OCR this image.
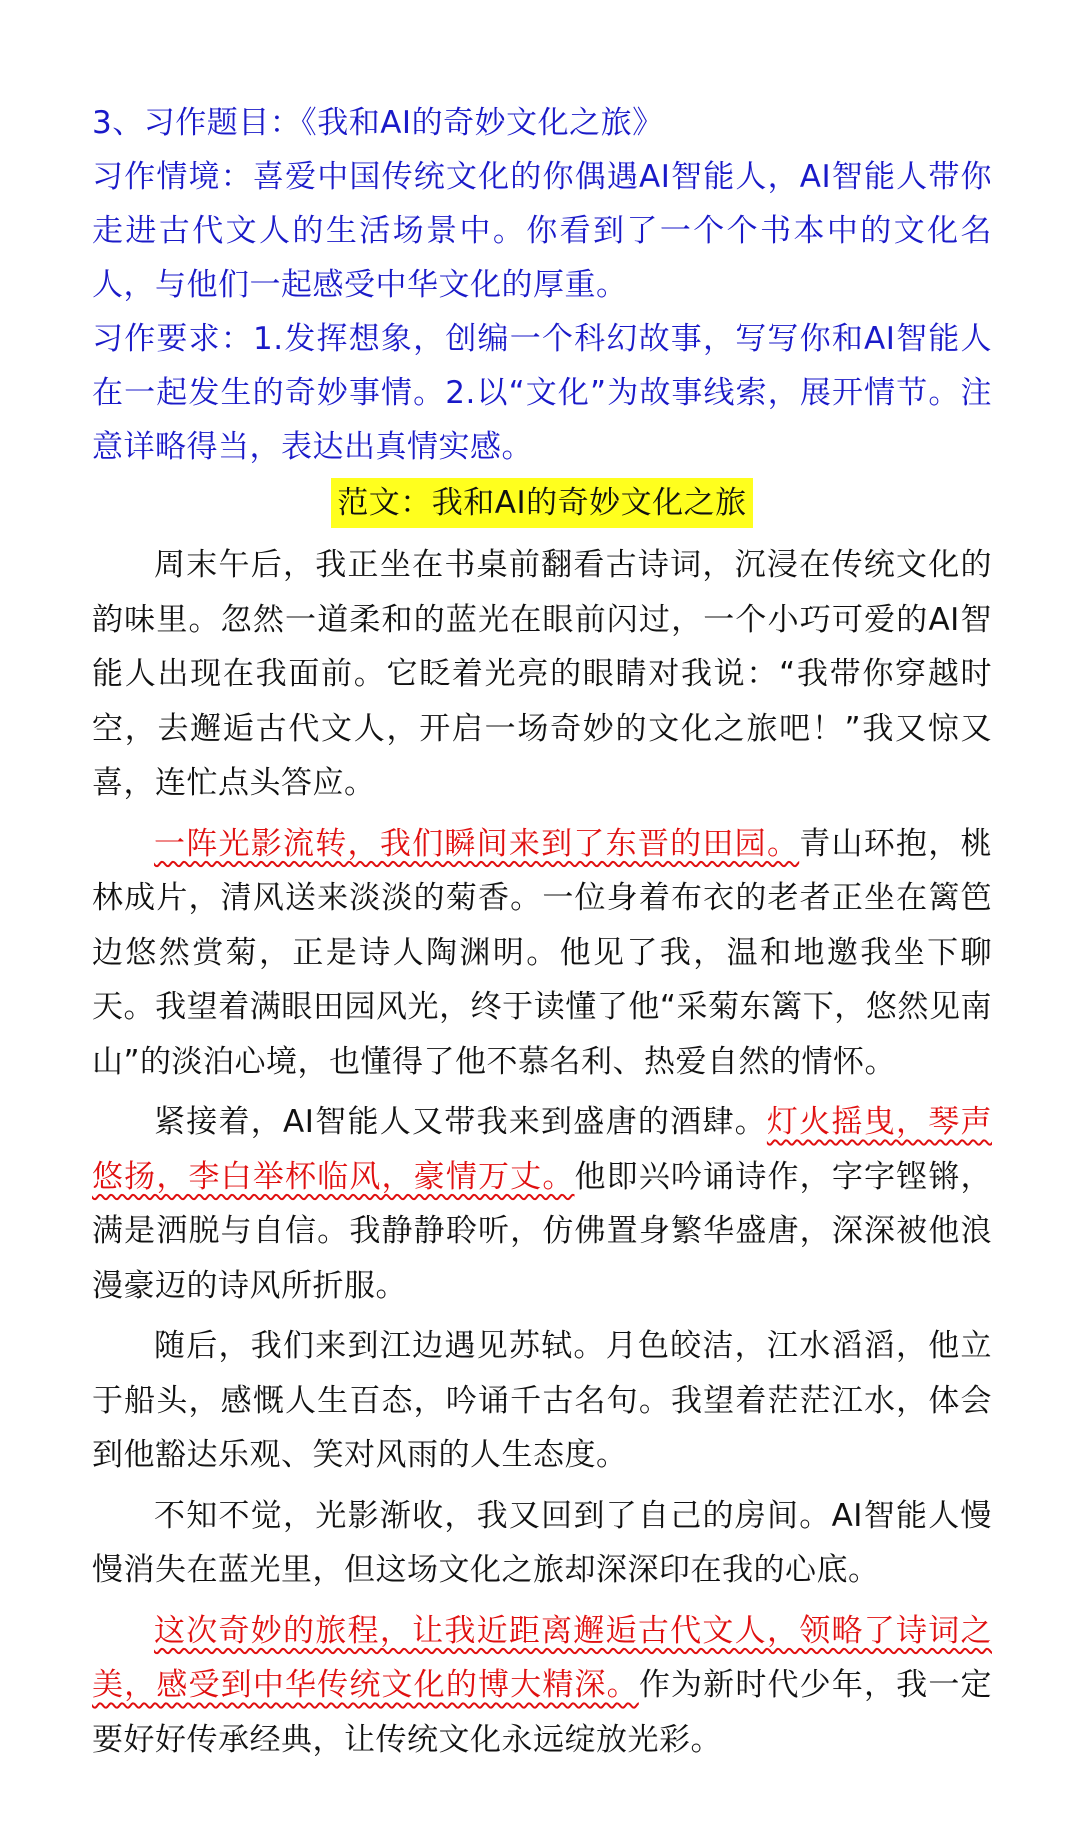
3、习作题目：《我和AI的奇妙文化之旅》

习作情境：喜爱中国传统文化的你偶遇AI智能人，AI智能人带你走进古代文人的生活场景中。你看到了一个个书本中的文化名人，与他们一起感受中华文化的厚重。

习作要求：1.发挥想象，创编一个科幻故事，写写你和AI智能人在一起发生的奇妙事情。2.以“文化”为故事线索，展开情节。注意详略得当，表达出真情实感。

范文：我和AI的奇妙文化之旅

周末午后，我正坐在书桌前翻看古诗词，沉浸在传统文化的韵味里。忽然一道柔和的蓝光在眼前闪过，一个小巧可爱的AI智能人出现在我面前。它眨着光亮的眼睛对我说：“我带你穿越时空，去邂逅古代文人，开启一场奇妙的文化之旅吧！”我又惊又喜，连忙点头答应。

一阵光影流转，我们瞬间来到了东晋的田园。青山环抱，桃林成片，清风送来淡淡的菊香。一位身着布衣的老者正坐在篱笆边悠然赏菊，正是诗人陶渊明。他见了我，温和地邀我坐下聊天。我望着满眼田园风光，终于读懂了他“采菊东篱下，悠然见南山”的淡泊心境，也懂得了他不慕名利、热爱自然的情怀。

紧接着，AI智能人又带我来到盛唐的酒肆。灯火摇曳，琴声悠扬，李白举杯临风，豪情万丈。他即兴吟诵诗作，字字铿锵，满是洒脱与自信。我静静聆听，仿佛置身繁华盛唐，深深被他浪漫豪迈的诗风所折服。

随后，我们来到江边遇见苏轼。月色皎洁，江水滔滔，他立于船头，感慨人生百态，吟诵千古名句。我望着茫茫江水，体会到他豁达乐观、笑对风雨的人生态度。

不知不觉，光影渐收，我又回到了自己的房间。AI智能人慢慢消失在蓝光里，但这场文化之旅却深深印在我的心底。

这次奇妙的旅程，让我近距离邂逅古代文人，领略了诗词之美，感受到中华传统文化的博大精深。作为新时代少年，我一定要好好传承经典，让传统文化永远绽放光彩。
